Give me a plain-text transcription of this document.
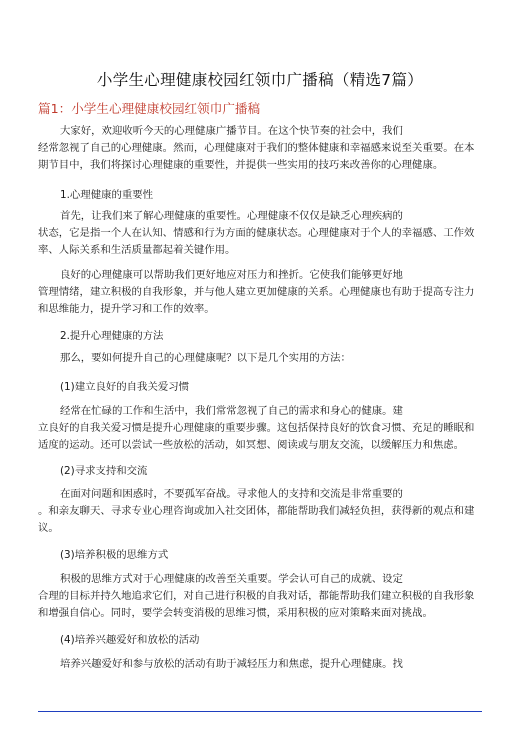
小学生心理健康校园红领巾广播稿（精选7篇）
篇1：小学生心理健康校园红领巾广播稿
大家好，欢迎收听今天的心理健康广播节目。在这个快节奏的社会中，我们
经常忽视了自己的心理健康。然而，心理健康对于我们的整体健康和幸福感来说至关重要。在本
期节目中，我们将探讨心理健康的重要性，并提供一些实用的技巧来改善你的心理健康。
1.心理健康的重要性
首先，让我们来了解心理健康的重要性。心理健康不仅仅是缺乏心理疾病的
状态，它是指一个人在认知、情感和行为方面的健康状态。心理健康对于个人的幸福感、工作效
率、人际关系和生活质量都起着关键作用。
良好的心理健康可以帮助我们更好地应对压力和挫折。它使我们能够更好地
管理情绪，建立积极的自我形象，并与他人建立更加健康的关系。心理健康也有助于提高专注力
和思维能力，提升学习和工作的效率。
2.提升心理健康的方法
那么，要如何提升自己的心理健康呢？以下是几个实用的方法：
(1)建立良好的自我关爱习惯
经常在忙碌的工作和生活中，我们常常忽视了自己的需求和身心的健康。建
立良好的自我关爱习惯是提升心理健康的重要步骤。这包括保持良好的饮食习惯、充足的睡眠和
适度的运动。还可以尝试一些放松的活动，如冥想、阅读或与朋友交流，以缓解压力和焦虑。
(2)寻求支持和交流
在面对问题和困惑时，不要孤军奋战。寻求他人的支持和交流是非常重要的
。和亲友聊天、寻求专业心理咨询或加入社交团体，都能帮助我们减轻负担，获得新的观点和建
议。
(3)培养积极的思维方式
积极的思维方式对于心理健康的改善至关重要。学会认可自己的成就、设定
合理的目标并持久地追求它们，对自己进行积极的自我对话，都能帮助我们建立积极的自我形象
和增强自信心。同时，要学会转变消极的思维习惯，采用积极的应对策略来面对挑战。
(4)培养兴趣爱好和放松的活动
培养兴趣爱好和参与放松的活动有助于减轻压力和焦虑，提升心理健康。找
